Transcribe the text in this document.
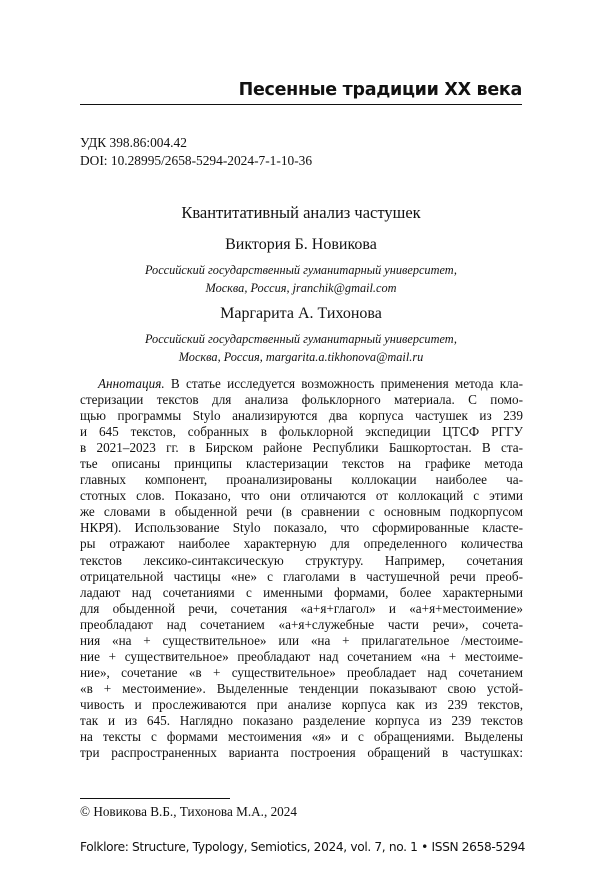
Песенные традиции XX века
УДК 398.86:004.42
DOI: 10.28995/2658-5294-2024-7-1-10-36
Квантитативный анализ частушек
Виктория Б. Новикова
Российский государственный гуманитарный университет,
Москва, Россия, jranchik@gmail.com
Маргарита А. Тихонова
Российский государственный гуманитарный университет,
Москва, Россия, margarita.a.tikhonova@mail.ru
Аннотация. В статье исследуется возможность применения метода кла-
стеризации текстов для анализа фольклорного материала. С помо-
щью программы Stylo анализируются два корпуса частушек из 239
и 645 текстов, собранных в фольклорной экспедиции ЦТСФ РГГУ
в 2021–2023 гг. в Бирском районе Республики Башкортостан. В ста-
тье описаны принципы кластеризации текстов на графике метода
главных компонент, проанализированы коллокации наиболее ча-
стотных слов. Показано, что они отличаются от коллокаций с этими
же словами в обыденной речи (в сравнении с основным подкорпусом
НКРЯ). Использование Stylo показало, что сформированные класте-
ры отражают наиболее характерную для определенного количества
текстов лексико-синтаксическую структуру. Например, сочетания
отрицательной частицы «не» с глаголами в частушечной речи преоб-
ладают над сочетаниями с именными формами, более характерными
для обыденной речи, сочетания «а+я+глагол» и «а+я+местоимение»
преобладают над сочетанием «а+я+служебные части речи», сочета-
ния «на + существительное» или «на + прилагательное /местоиме-
ние + существительное» преобладают над сочетанием «на + местоиме-
ние», сочетание «в + существительное» преобладает над сочетанием
«в + местоимение». Выделенные тенденции показывают свою устой-
чивость и прослеживаются при анализе корпуса как из 239 текстов,
так и из 645. Наглядно показано разделение корпуса из 239 текстов
на тексты с формами местоимения «я» и с обращениями. Выделены
три распространенных варианта построения обращений в частушках:
© Новикова В.Б., Тихонова М.А., 2024
Folklore: Structure, Typology, Semiotics, 2024, vol. 7, no. 1 • ISSN 2658-5294
